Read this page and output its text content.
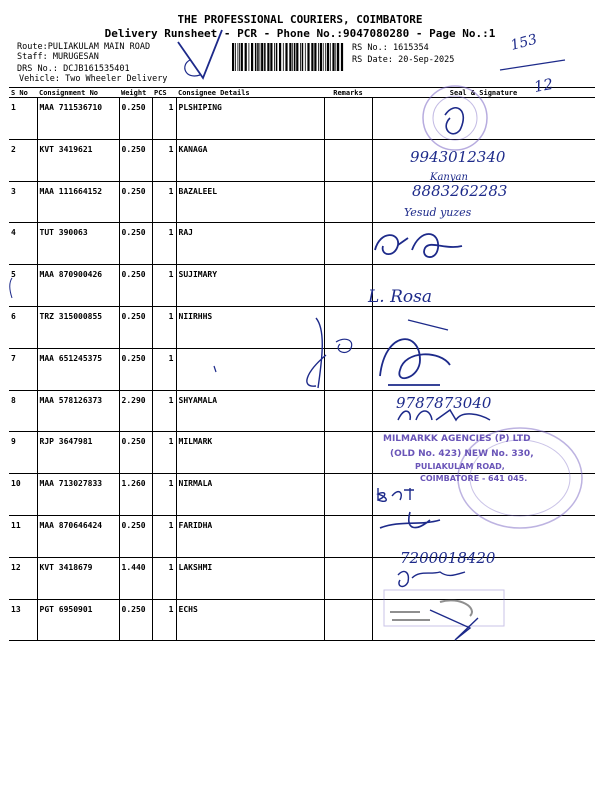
THE PROFESSIONAL COURIERS, COIMBATORE
Delivery Runsheet - PCR - Phone No.:9047080280 - Page No.:1
Route:PULIAKULAM MAIN ROAD
Staff: MURUGESAN
DRS No.: DCJB161535401
Vehicle: Two Wheeler Delivery
RS No.: 1615354
RS Date: 20-Sep-2025
S No	Consignment No	Weight	PCS	Consignee Details	Remarks	Seal & Signature
1	MAA 711536710	0.250	1	PLSHIPING		
2	KVT 3419621	0.250	1	KANAGA		
3	MAA 111664152	0.250	1	BAZALEEL		
4	TUT 390063	0.250	1	RAJ		
5	MAA 870900426	0.250	1	SUJIMARY		
6	TRZ 315000855	0.250	1	NIIRHHS		
7	MAA 651245375	0.250	1			
8	MAA 578126373	2.290	1	SHYAMALA		
9	RJP 3647981	0.250	1	MILMARK		
10	MAA 713027833	1.260	1	NIRMALA		
11	MAA 870646424	0.250	1	FARIDHA		
12	KVT 3418679	1.440	1	LAKSHMI		
13	PGT 6950901	0.250	1	ECHS		
153
12
9943012340
Kanyan
8883262283
Yesud yuzes
L. Rosa
9787873040
MILMARKK AGENCIES (P) LTD
(OLD No. 423) NEW No. 330,
PULIAKULAM ROAD,
COIMBATORE - 641 045.
7200018420
